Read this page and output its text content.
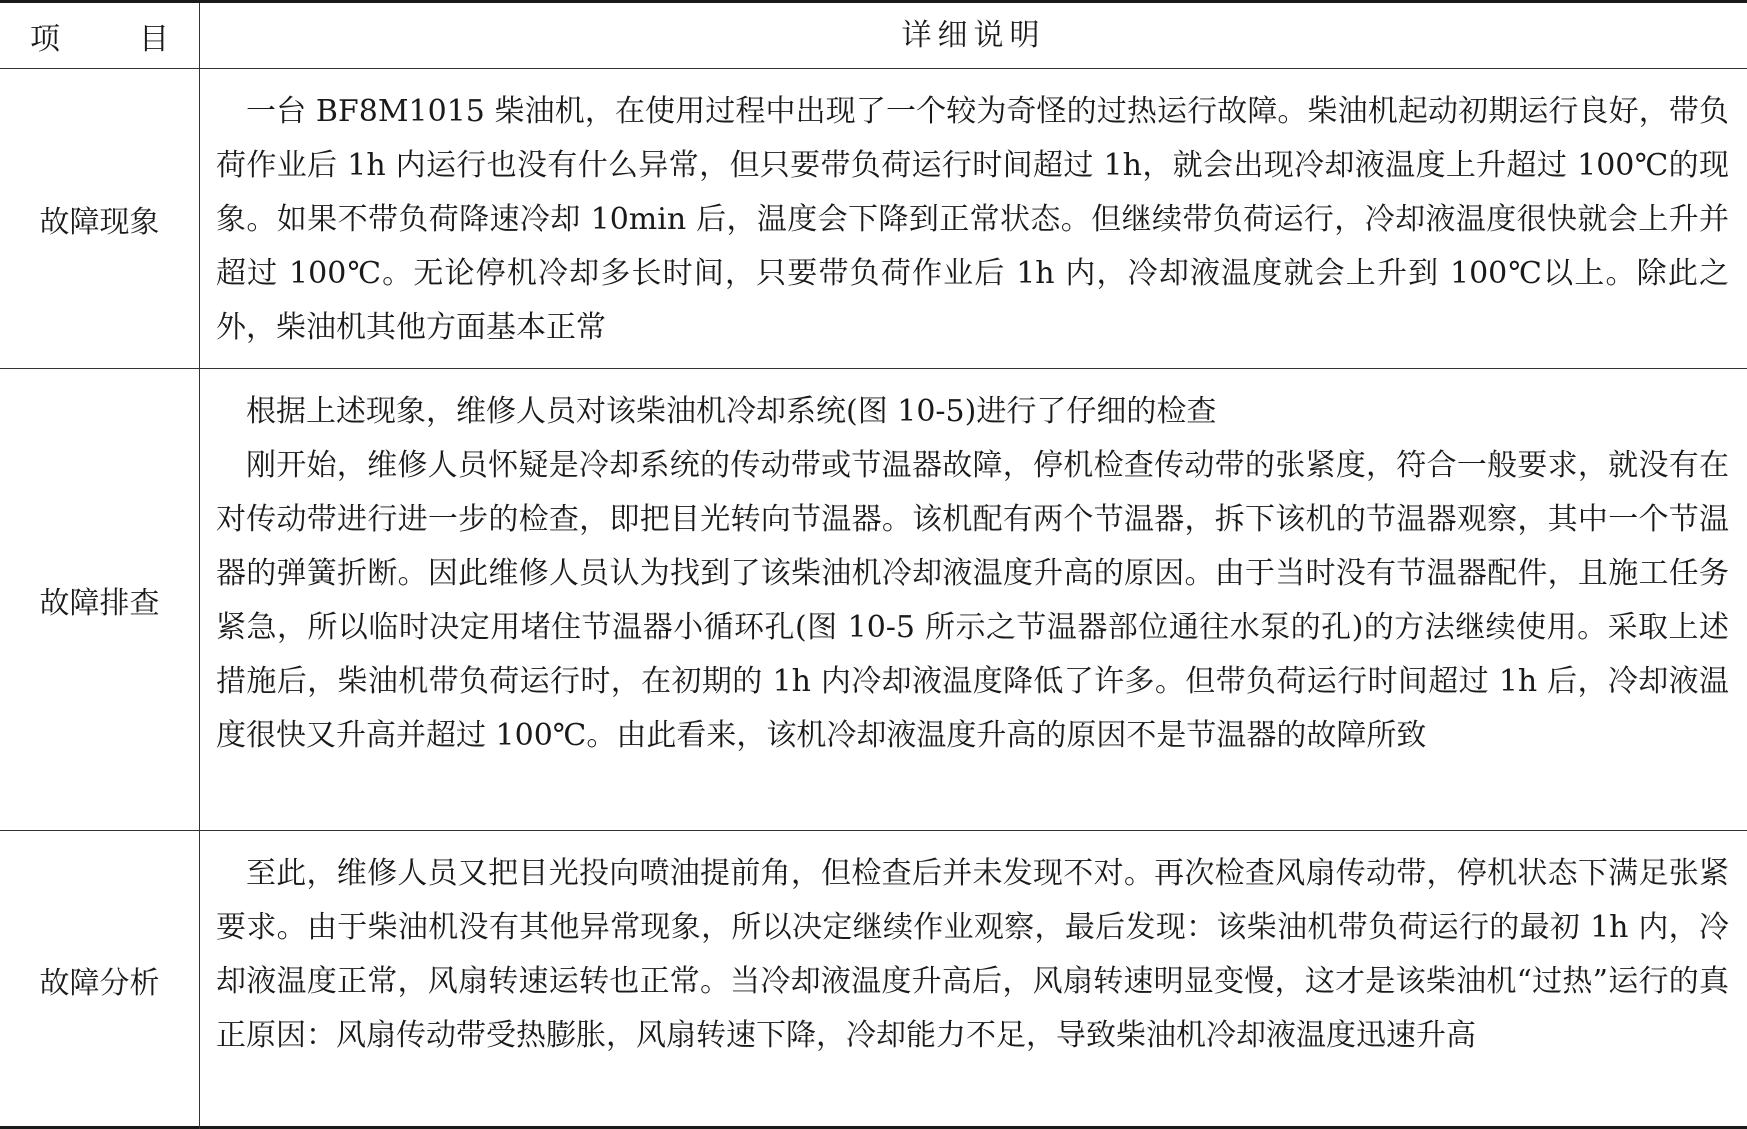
项	目	详细说明
故障现象

一台 BF8M1015 柴油机，在使用过程中出现了一个较为奇怪的过热运行故障。柴油机起动初期运行良好，带负荷作业后 1h 内运行也没有什么异常，但只要带负荷运行时间超过 1h，就会出现冷却液温度上升超过 100℃的现象。如果不带负荷降速冷却 10min 后，温度会下降到正常状态。但继续带负荷运行，冷却液温度很快就会上升并超过 100℃。无论停机冷却多长时间，只要带负荷作业后 1h 内，冷却液温度就会上升到 100℃以上。除此之外，柴油机其他方面基本正常

故障排查

根据上述现象，维修人员对该柴油机冷却系统(图 10-5)进行了仔细的检查

刚开始，维修人员怀疑是冷却系统的传动带或节温器故障，停机检查传动带的张紧度，符合一般要求，就没有在对传动带进行进一步的检查，即把目光转向节温器。该机配有两个节温器，拆下该机的节温器观察，其中一个节温器的弹簧折断。因此维修人员认为找到了该柴油机冷却液温度升高的原因。由于当时没有节温器配件，且施工任务紧急，所以临时决定用堵住节温器小循环孔(图 10-5 所示之节温器部位通往水泵的孔)的方法继续使用。采取上述措施后，柴油机带负荷运行时，在初期的 1h 内冷却液温度降低了许多。但带负荷运行时间超过 1h 后，冷却液温度很快又升高并超过 100℃。由此看来，该机冷却液温度升高的原因不是节温器的故障所致

故障分析

至此，维修人员又把目光投向喷油提前角，但检查后并未发现不对。再次检查风扇传动带，停机状态下满足张紧要求。由于柴油机没有其他异常现象，所以决定继续作业观察，最后发现：该柴油机带负荷运行的最初 1h 内，冷却液温度正常，风扇转速运转也正常。当冷却液温度升高后，风扇转速明显变慢，这才是该柴油机“过热”运行的真正原因：风扇传动带受热膨胀，风扇转速下降，冷却能力不足，导致柴油机冷却液温度迅速升高
